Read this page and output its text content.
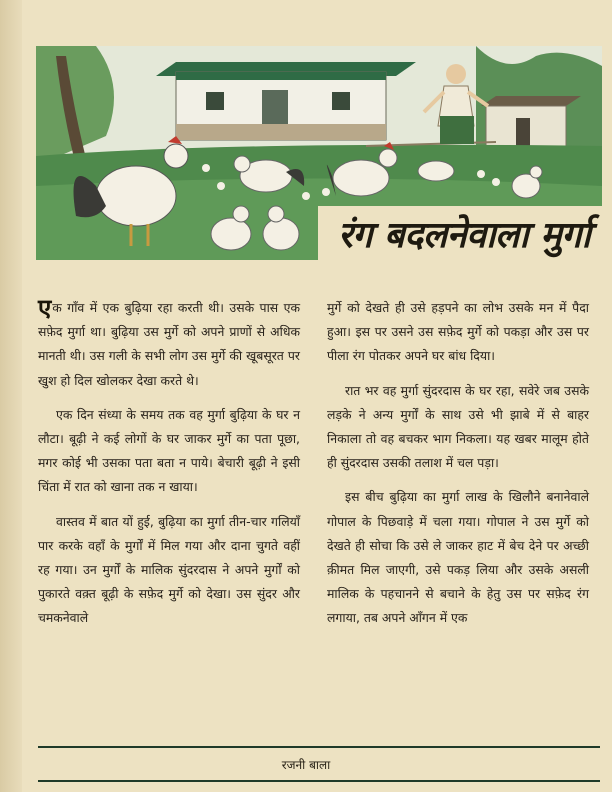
रंग बदलनेवाला मुर्गा

एक गाँव में एक बुढ़िया रहा करती थी। उसके पास एक सफ़ेद मुर्गा था। बुढ़िया उस मुर्गे को अपने प्राणों से अधिक मानती थी। उस गली के सभी लोग उस मुर्गे की खूबसूरत पर खुश हो दिल खोलकर देखा करते थे।

एक दिन संध्या के समय तक वह मुर्गा बुढ़िया के घर न लौटा। बूढ़ी ने कई लोगों के घर जाकर मुर्गे का पता पूछा, मगर कोई भी उसका पता बता न पाये। बेचारी बूढ़ी ने इसी चिंता में रात को खाना तक न खाया।

वास्तव में बात यों हुई, बुढ़िया का मुर्गा तीन-चार गलियाँ पार करके वहाँ के मुर्गों में मिल गया और दाना चुगते वहीं रह गया। उन मुर्गों के मालिक सुंदरदास ने अपने मुर्गों को पुकारते वक़्त बूढ़ी के सफ़ेद मुर्गे को देखा। उस सुंदर और चमकनेवाले

मुर्गे को देखते ही उसे हड़पने का लोभ उसके मन में पैदा हुआ। इस पर उसने उस सफ़ेद मुर्गे को पकड़ा और उस पर पीला रंग पोतकर अपने घर बांध दिया।

रात भर वह मुर्गा सुंदरदास के घर रहा, सवेरे जब उसके लड़के ने अन्य मुर्गों के साथ उसे भी झाबे में से बाहर निकाला तो वह बचकर भाग निकला। यह खबर मालूम होते ही सुंदरदास उसकी तलाश में चल पड़ा।

इस बीच बुढ़िया का मुर्गा लाख के खिलौने बनानेवाले गोपाल के पिछवाड़े में चला गया। गोपाल ने उस मुर्गे को देखते ही सोचा कि उसे ले जाकर हाट में बेच देने पर अच्छी क़ीमत मिल जाएगी, उसे पकड़ लिया और उसके असली मालिक के पहचानने से बचाने के हेतु उस पर सफ़ेद रंग लगाया, तब अपने आँगन में एक

रजनी बाला
